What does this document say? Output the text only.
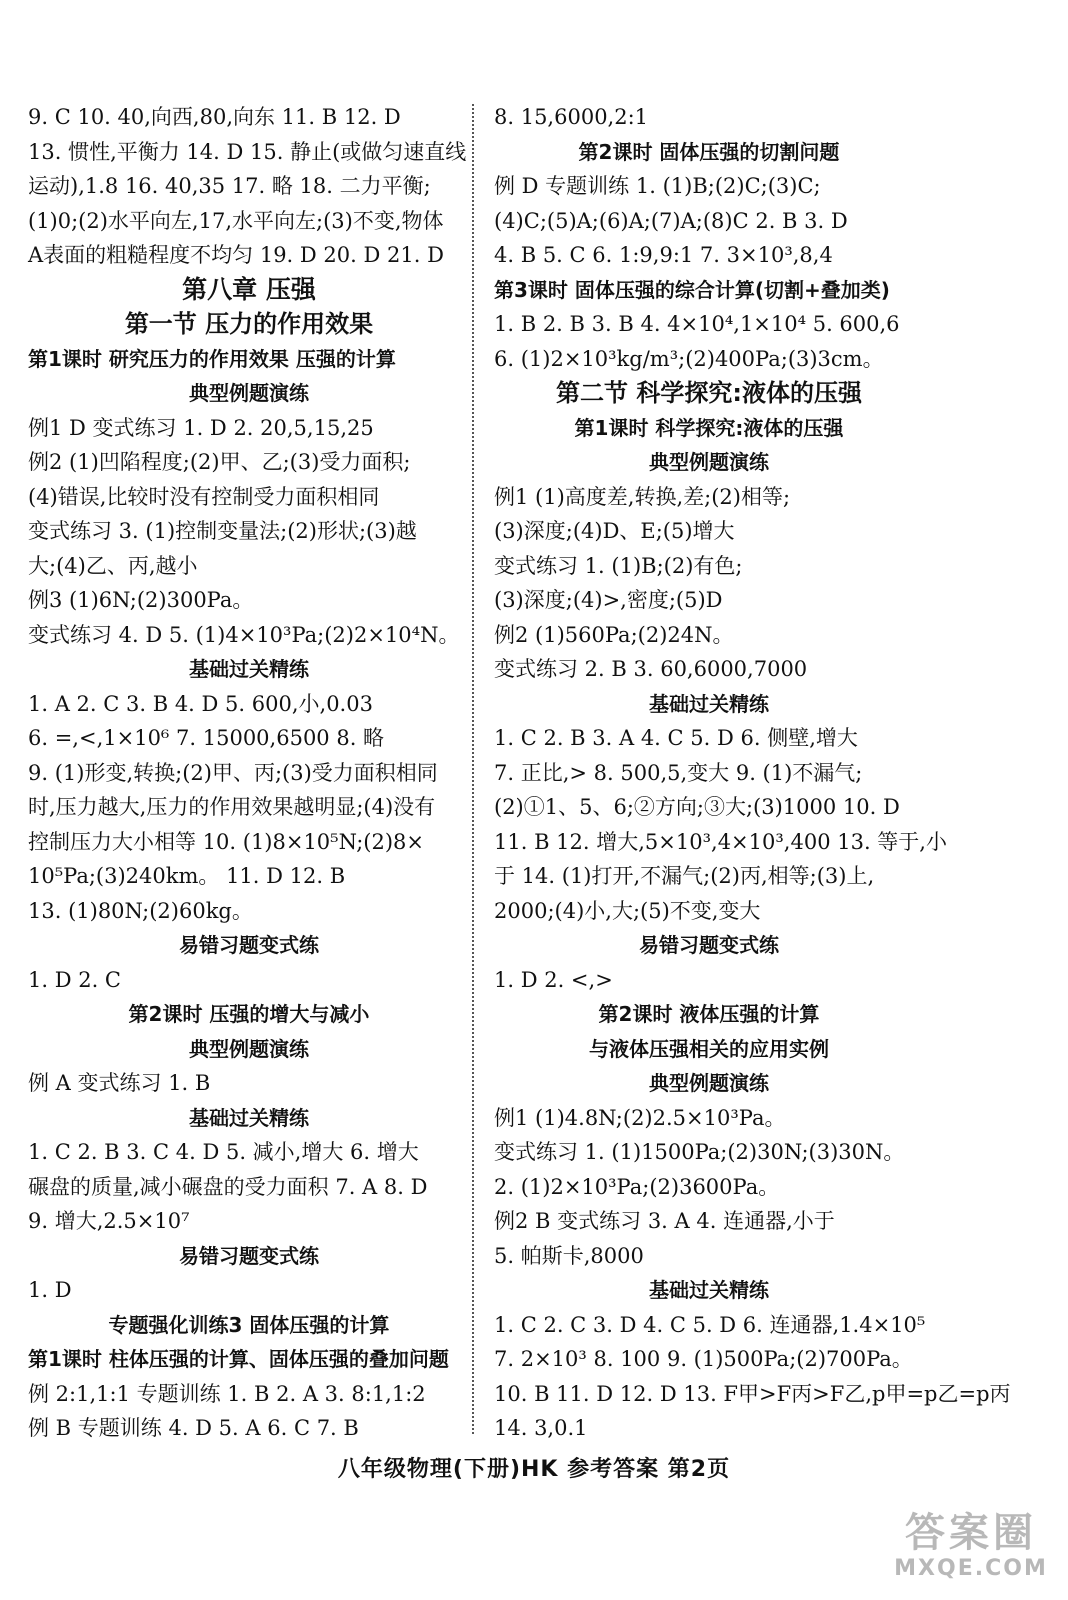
9. C 10. 40,向西,80,向东 11. B 12. D
13. 惯性,平衡力 14. D 15. 静止(或做匀速直线
运动),1.8 16. 40,35 17. 略 18. 二力平衡;
(1)0;(2)水平向左,17,水平向左;(3)不变,物体
A表面的粗糙程度不均匀 19. D 20. D 21. D
第八章 压强
第一节 压力的作用效果
第1课时 研究压力的作用效果 压强的计算
典型例题演练
例1 D 变式练习 1. D 2. 20,5,15,25
例2 (1)凹陷程度;(2)甲、乙;(3)受力面积;
(4)错误,比较时没有控制受力面积相同
变式练习 3. (1)控制变量法;(2)形状;(3)越
大;(4)乙、丙,越小
例3 (1)6N;(2)300Pa。
变式练习 4. D 5. (1)4×10³Pa;(2)2×10⁴N。
基础过关精练
1. A 2. C 3. B 4. D 5. 600,小,0.03
6. =,<,1×10⁶ 7. 15000,6500 8. 略
9. (1)形变,转换;(2)甲、丙;(3)受力面积相同
时,压力越大,压力的作用效果越明显;(4)没有
控制压力大小相等 10. (1)8×10⁵N;(2)8×
10⁵Pa;(3)240km。 11. D 12. B
13. (1)80N;(2)60kg。
易错习题变式练
1. D 2. C
第2课时 压强的增大与减小
典型例题演练
例 A 变式练习 1. B
基础过关精练
1. C 2. B 3. C 4. D 5. 减小,增大 6. 增大
碾盘的质量,减小碾盘的受力面积 7. A 8. D
9. 增大,2.5×10⁷
易错习题变式练
1. D
专题强化训练3 固体压强的计算
第1课时 柱体压强的计算、固体压强的叠加问题
例 2:1,1:1 专题训练 1. B 2. A 3. 8:1,1:2
例 B 专题训练 4. D 5. A 6. C 7. B
8. 15,6000,2:1
第2课时 固体压强的切割问题
例 D 专题训练 1. (1)B;(2)C;(3)C;
(4)C;(5)A;(6)A;(7)A;(8)C 2. B 3. D
4. B 5. C 6. 1:9,9:1 7. 3×10³,8,4
第3课时 固体压强的综合计算(切割+叠加类)
1. B 2. B 3. B 4. 4×10⁴,1×10⁴ 5. 600,6
6. (1)2×10³kg/m³;(2)400Pa;(3)3cm。
第二节 科学探究:液体的压强
第1课时 科学探究:液体的压强
典型例题演练
例1 (1)高度差,转换,差;(2)相等;
(3)深度;(4)D、E;(5)增大
变式练习 1. (1)B;(2)有色;
(3)深度;(4)>,密度;(5)D
例2 (1)560Pa;(2)24N。
变式练习 2. B 3. 60,6000,7000
基础过关精练
1. C 2. B 3. A 4. C 5. D 6. 侧壁,增大
7. 正比,> 8. 500,5,变大 9. (1)不漏气;
(2)①1、5、6;②方向;③大;(3)1000 10. D
11. B 12. 增大,5×10³,4×10³,400 13. 等于,小
于 14. (1)打开,不漏气;(2)丙,相等;(3)上,
2000;(4)小,大;(5)不变,变大
易错习题变式练
1. D 2. <,>
第2课时 液体压强的计算
与液体压强相关的应用实例
典型例题演练
例1 (1)4.8N;(2)2.5×10³Pa。
变式练习 1. (1)1500Pa;(2)30N;(3)30N。
2. (1)2×10³Pa;(2)3600Pa。
例2 B 变式练习 3. A 4. 连通器,小于
5. 帕斯卡,8000
基础过关精练
1. C 2. C 3. D 4. C 5. D 6. 连通器,1.4×10⁵
7. 2×10³ 8. 100 9. (1)500Pa;(2)700Pa。
10. B 11. D 12. D 13. F甲>F丙>F乙,p甲=p乙=p丙
14. 3,0.1
八年级物理(下册)HK 参考答案 第2页
答案圈
MXQE.COM
